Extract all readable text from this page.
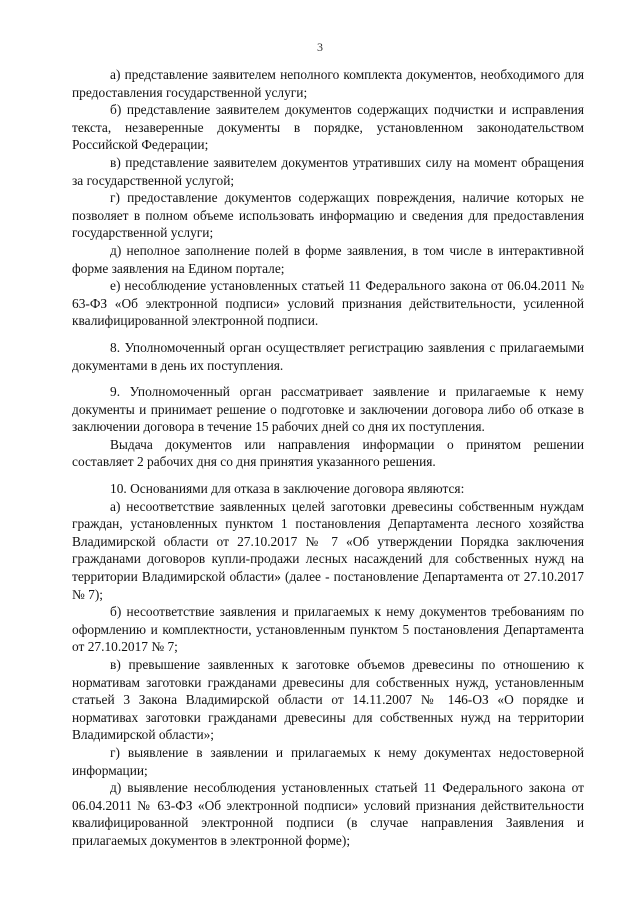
3

а) представление заявителем неполного комплекта документов, необходимого для предоставления государственной услуги;

б) представление заявителем документов содержащих подчистки и исправления текста, незаверенные документы в порядке, установленном законодательством Российской Федерации;

в) представление заявителем документов утративших силу на момент обращения за государственной услугой;

г) предоставление документов содержащих повреждения, наличие которых не позволяет в полном объеме использовать информацию и сведения для предоставления государственной услуги;

д) неполное заполнение полей в форме заявления, в том числе в интерактивной форме заявления на Едином портале;

е) несоблюдение установленных статьей 11 Федерального закона от 06.04.2011 № 63-ФЗ «Об электронной подписи» условий признания действительности, усиленной квалифицированной электронной подписи.

8. Уполномоченный орган осуществляет регистрацию заявления с прилагаемыми документами в день их поступления.

9. Уполномоченный орган рассматривает заявление и прилагаемые к нему документы и принимает решение о подготовке и заключении договора либо об отказе в заключении договора в течение 15 рабочих дней со дня их поступления.

Выдача документов или направления информации о принятом решении составляет 2 рабочих дня со дня принятия указанного решения.

10. Основаниями для отказа в заключение договора являются:

а) несоответствие заявленных целей заготовки древесины собственным нуждам граждан, установленных пунктом 1 постановления Департамента лесного хозяйства Владимирской области от 27.10.2017 № 7 «Об утверждении Порядка заключения гражданами договоров купли-продажи лесных насаждений для собственных нужд на территории Владимирской области» (далее - постановление Департамента от 27.10.2017 № 7);

б) несоответствие заявления и прилагаемых к нему документов требованиям по оформлению и комплектности, установленным пунктом 5 постановления Департамента от 27.10.2017 № 7;

в) превышение заявленных к заготовке объемов древесины по отношению к нормативам заготовки гражданами древесины для собственных нужд, установленным статьей 3 Закона Владимирской области от 14.11.2007 № 146-ОЗ «О порядке и нормативах заготовки гражданами древесины для собственных нужд на территории Владимирской области»;

г) выявление в заявлении и прилагаемых к нему документах недостоверной информации;

д) выявление несоблюдения установленных статьей 11 Федерального закона от 06.04.2011 № 63-ФЗ «Об электронной подписи» условий признания действительности квалифицированной электронной подписи (в случае направления Заявления и прилагаемых документов в электронной форме);
